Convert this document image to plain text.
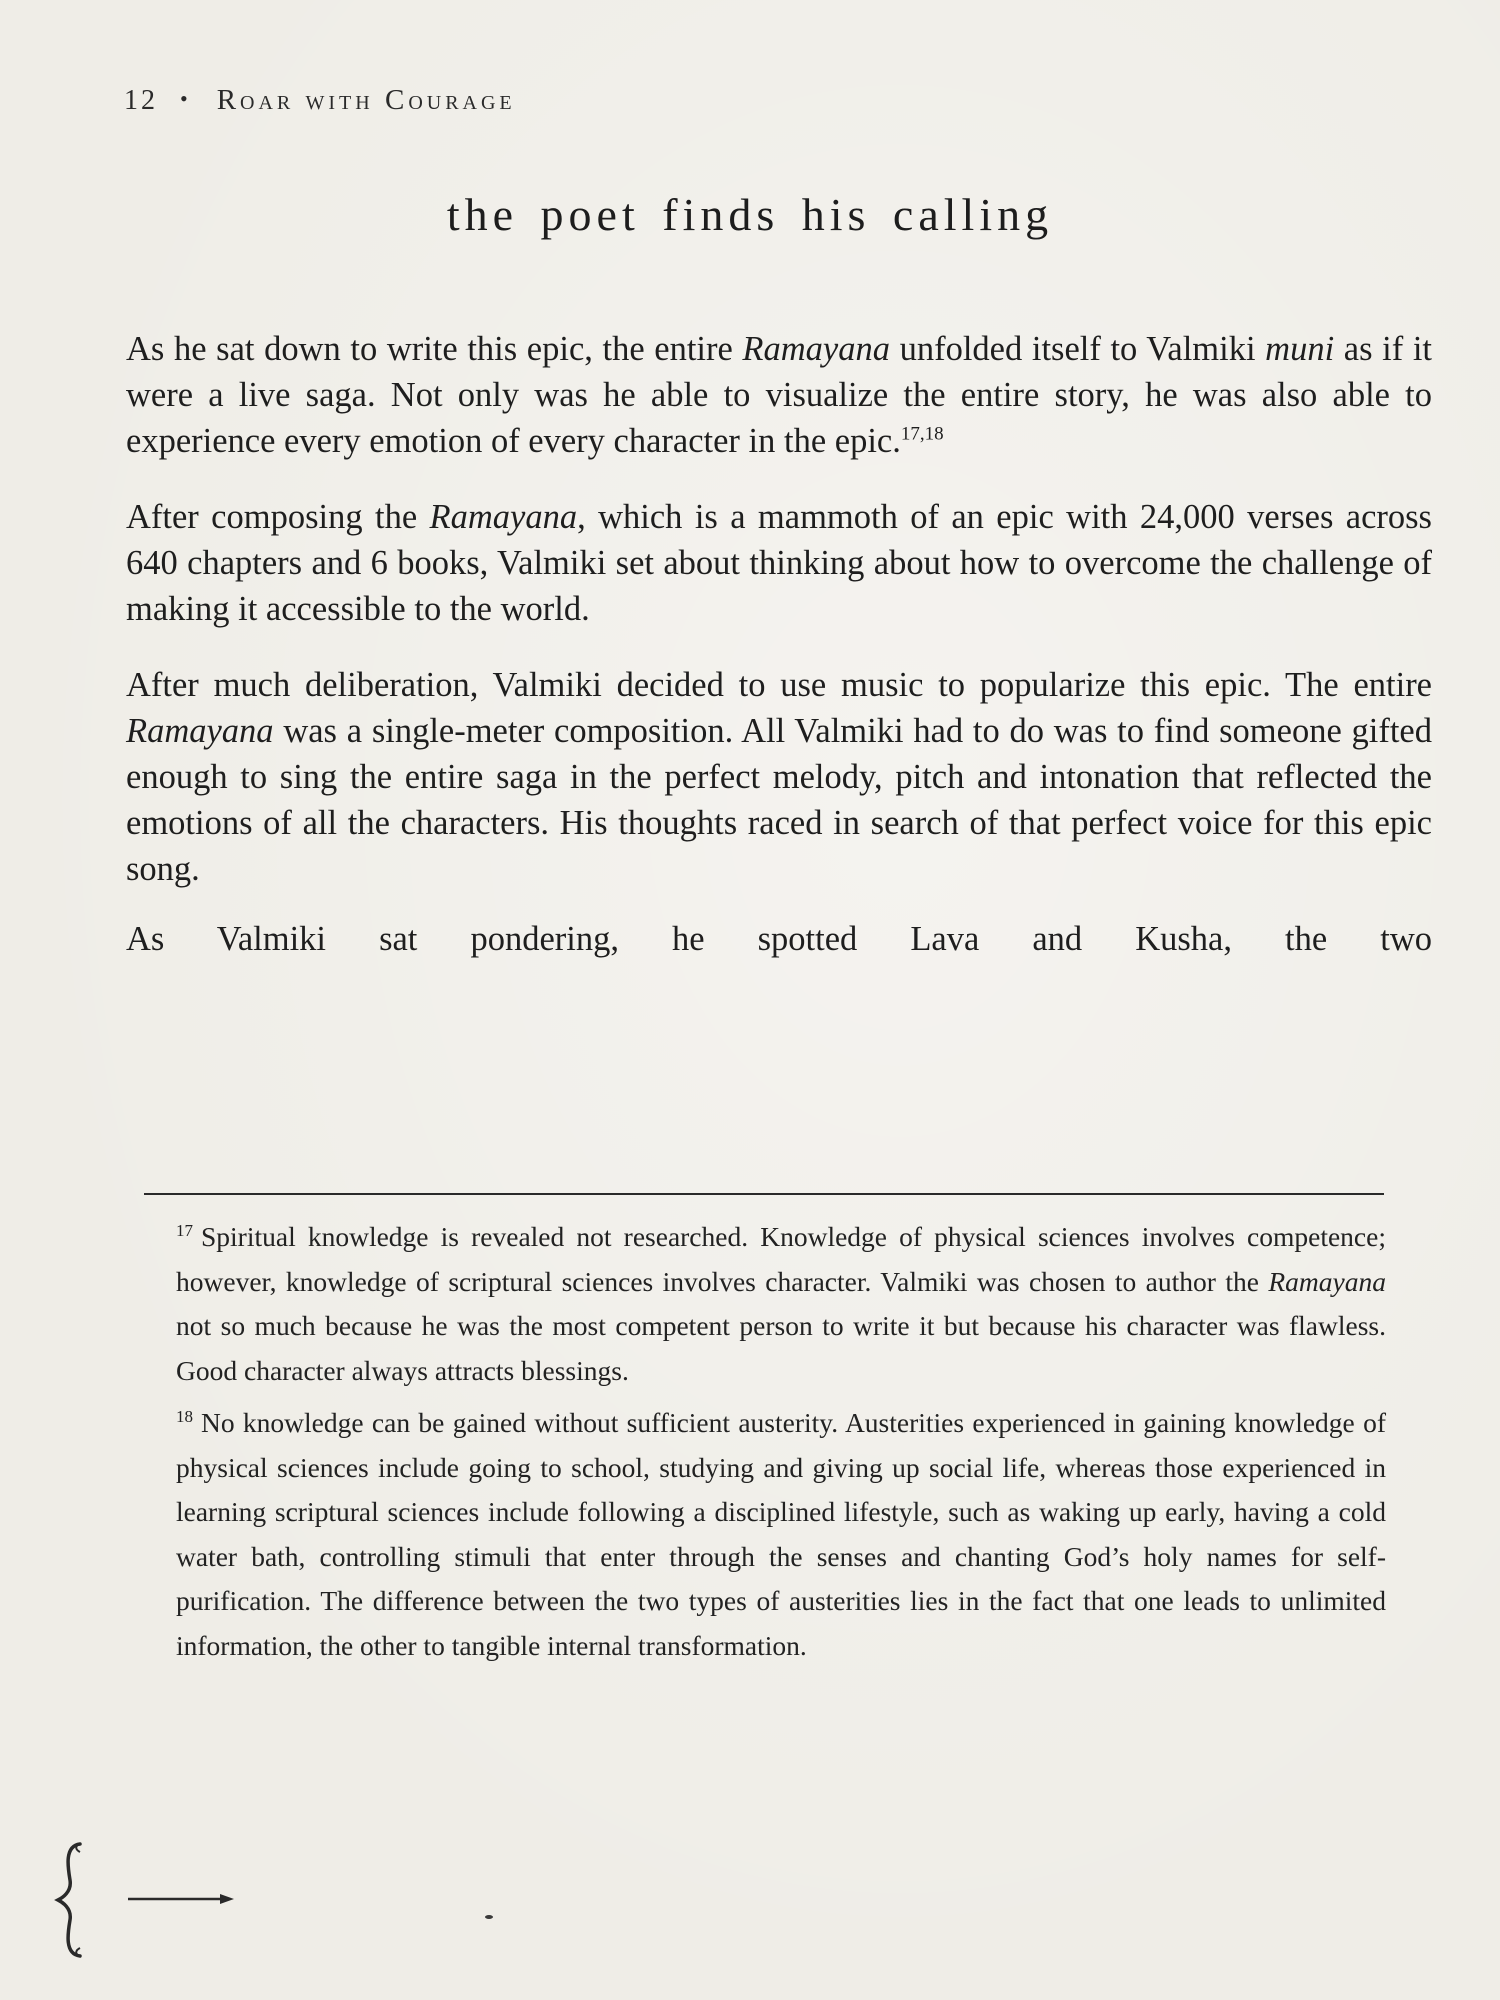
12 • Roar with Courage
the poet finds his calling

As he sat down to write this epic, the entire Ramayana unfolded itself to Valmiki muni as if it were a live saga. Not only was he able to visualize the entire story, he was also able to experience every emotion of every character in the epic.$^{17,18}$

After composing the Ramayana, which is a mammoth of an epic with 24,000 verses across 640 chapters and 6 books, Valmiki set about thinking about how to overcome the challenge of making it accessible to the world.

After much deliberation, Valmiki decided to use music to popularize this epic. The entire Ramayana was a single-meter composition. All Valmiki had to do was to find someone gifted enough to sing the entire saga in the perfect melody, pitch and intonation that reflected the emotions of all the characters. His thoughts raced in search of that perfect voice for this epic song.

As Valmiki sat pondering, he spotted Lava and Kusha, the two

$^{17}$ Spiritual knowledge is revealed not researched. Knowledge of physical sciences involves competence; however, knowledge of scriptural sciences involves character. Valmiki was chosen to author the Ramayana not so much because he was the most competent person to write it but because his character was flawless. Good character always attracts blessings.

$^{18}$ No knowledge can be gained without sufficient austerity. Austerities experienced in gaining knowledge of physical sciences include going to school, studying and giving up social life, whereas those experienced in learning scriptural sciences include following a disciplined lifestyle, such as waking up early, having a cold water bath, controlling stimuli that enter through the senses and chanting God’s holy names for self-purification. The difference between the two types of austerities lies in the fact that one leads to unlimited information, the other to tangible internal transformation.
